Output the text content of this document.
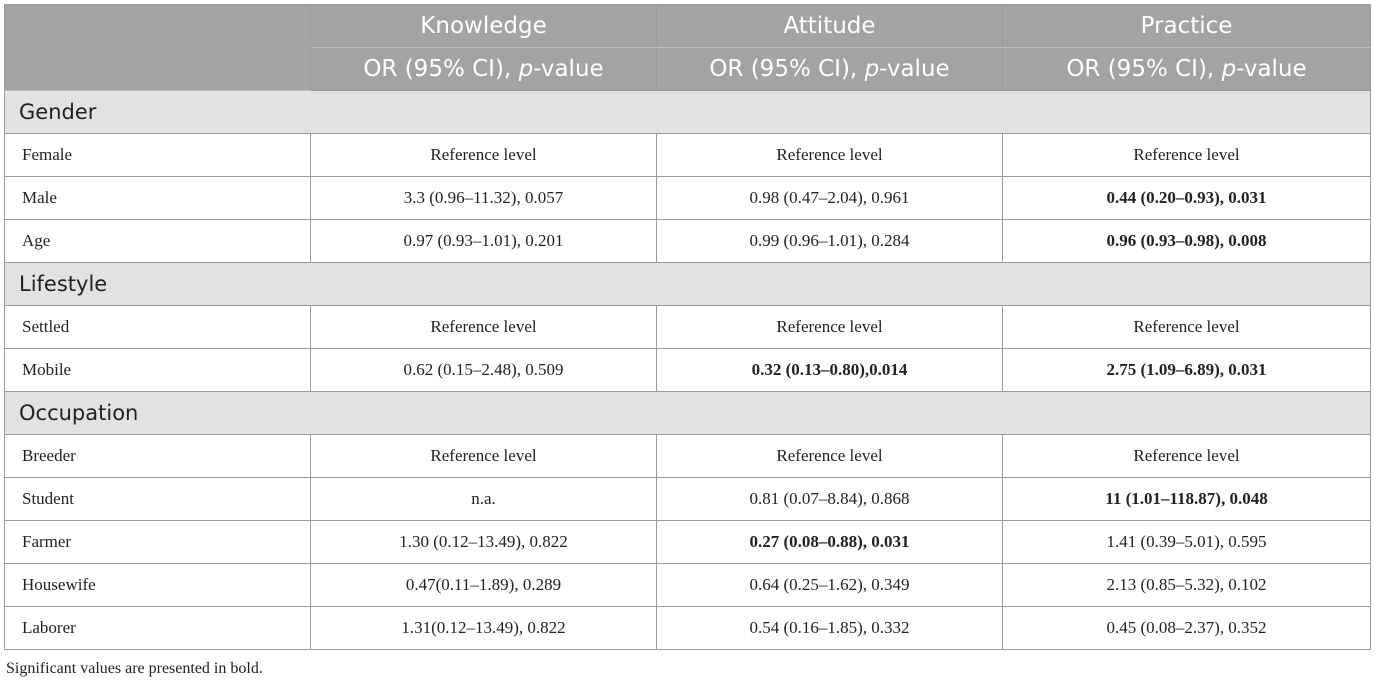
	Knowledge	Attitude	Practice
	OR (95% CI), p-value	OR (95% CI), p-value	OR (95% CI), p-value
Gender			
Female	Reference level	Reference level	Reference level
Male	3.3 (0.96–11.32), 0.057	0.98 (0.47–2.04), 0.961	0.44 (0.20–0.93), 0.031
Age	0.97 (0.93–1.01), 0.201	0.99 (0.96–1.01), 0.284	0.96 (0.93–0.98), 0.008
Lifestyle			
Settled	Reference level	Reference level	Reference level
Mobile	0.62 (0.15–2.48), 0.509	0.32 (0.13–0.80),0.014	2.75 (1.09–6.89), 0.031
Occupation			
Breeder	Reference level	Reference level	Reference level
Student	n.a.	0.81 (0.07–8.84), 0.868	11 (1.01–118.87), 0.048
Farmer	1.30 (0.12–13.49), 0.822	0.27 (0.08–0.88), 0.031	1.41 (0.39–5.01), 0.595
Housewife	0.47(0.11–1.89), 0.289	0.64 (0.25–1.62), 0.349	2.13 (0.85–5.32), 0.102
Laborer	1.31(0.12–13.49), 0.822	0.54 (0.16–1.85), 0.332	0.45 (0.08–2.37), 0.352
Significant values are presented in bold.
